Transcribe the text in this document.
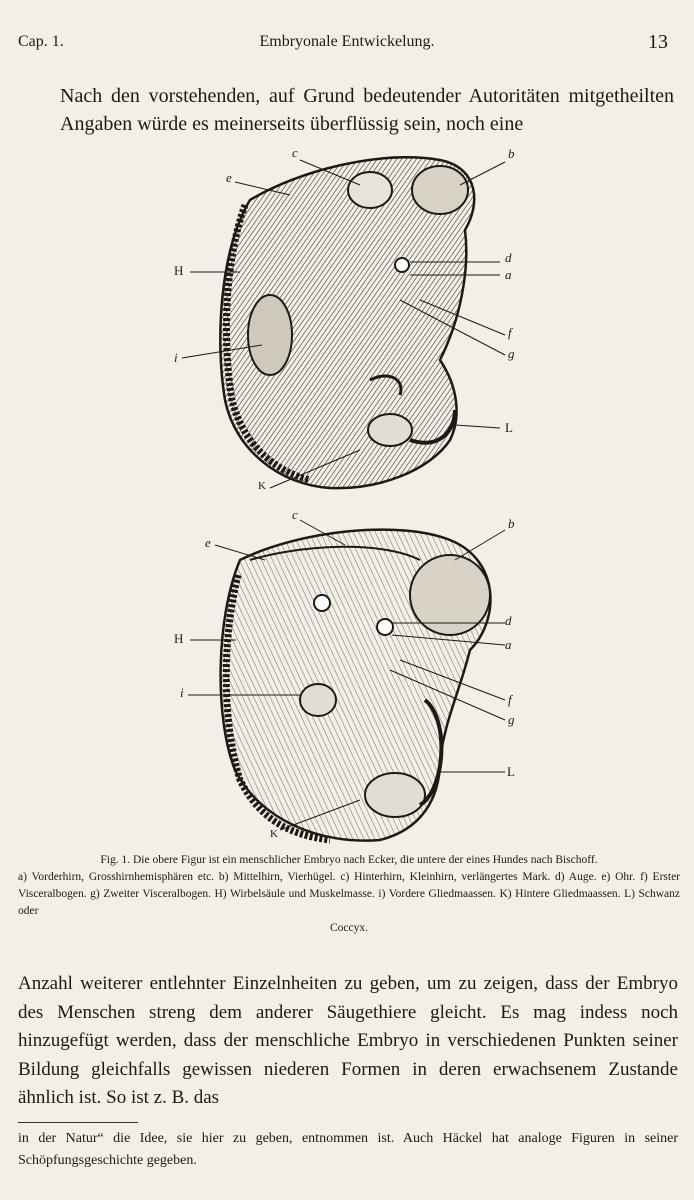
Cap. 1.	Embryonale Entwickelung.	13
Nach den vorstehenden, auf Grund bedeutender Autoritäten mitgetheilten Angaben würde es meinerseits überflüssig sein, noch eine
c	b
e
d
H	a
f
g
i
L
K
c
b
e
d
H	a
i	f
g
L
K
Fig. 1. Die obere Figur ist ein menschlicher Embryo nach Ecker, die untere der eines Hundes nach Bischoff.
a) Vorderhirn, Grosshirnhemisphären etc. b) Mittelhirn, Vierhügel. c) Hinterhirn, Kleinhirn, verlängertes Mark. d) Auge. e) Ohr. f) Erster Visceralbogen. g) Zweiter Visceralbogen. H) Wirbelsäule und Muskelmasse. i) Vordere Gliedmaassen. K) Hintere Gliedmaassen. L) Schwanz oder
Coccyx.
Anzahl weiterer entlehnter Einzelnheiten zu geben, um zu zeigen, dass der Embryo des Menschen streng dem anderer Säugethiere gleicht. Es mag indess noch hinzugefügt werden, dass der menschliche Embryo in verschiedenen Punkten seiner Bildung gleichfalls gewissen niederen Formen in deren erwachsenem Zustande ähnlich ist. So ist z. B. das
in der Natur“ die Idee, sie hier zu geben, entnommen ist. Auch Häckel hat analoge Figuren in seiner Schöpfungsgeschichte gegeben.
